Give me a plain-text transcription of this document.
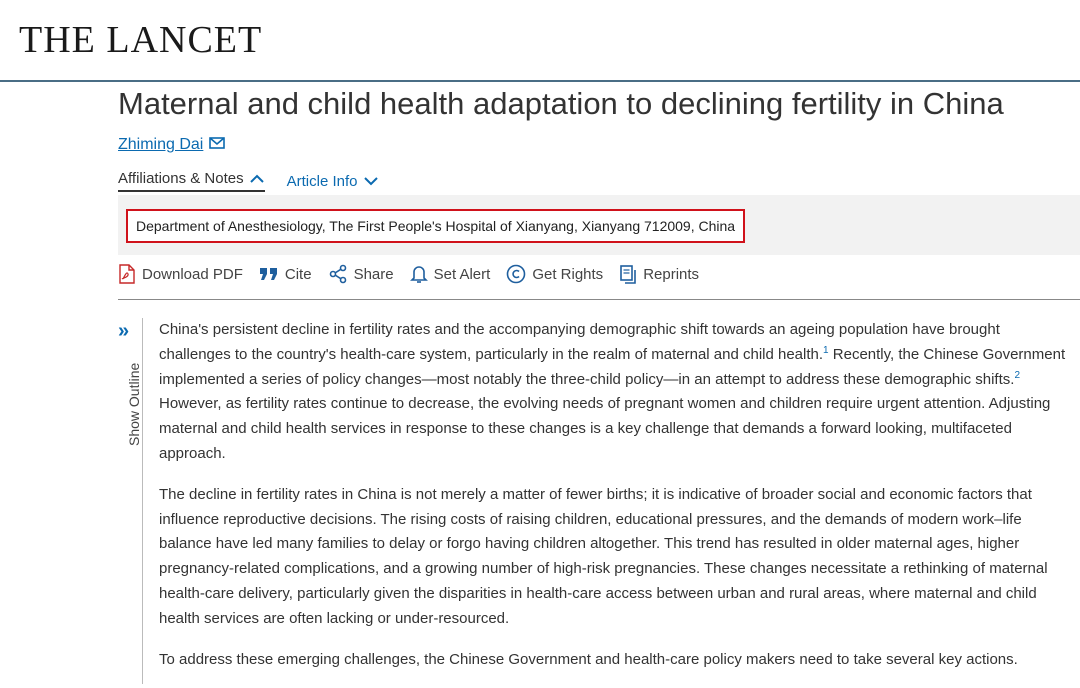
THE LANCET
Maternal and child health adaptation to declining fertility in China
Zhiming Dai
Affiliations & Notes	Article Info
Department of Anesthesiology, The First People's Hospital of Xianyang, Xianyang 712009, China
Download PDF	Cite	Share	Set Alert	Get Rights	Reprints
»
Show Outline

China's persistent decline in fertility rates and the accompanying demographic shift towards an ageing population have brought challenges to the country's health-care system, particularly in the realm of maternal and child health.$^1$ Recently, the Chinese Government implemented a series of policy changes—most notably the three-child policy—in an attempt to address these demographic shifts.$^2$ However, as fertility rates continue to decrease, the evolving needs of pregnant women and children require urgent attention. Adjusting maternal and child health services in response to these changes is a key challenge that demands a forward looking, multifaceted approach.

The decline in fertility rates in China is not merely a matter of fewer births; it is indicative of broader social and economic factors that influence reproductive decisions. The rising costs of raising children, educational pressures, and the demands of modern work–life balance have led many families to delay or forgo having children altogether. This trend has resulted in older maternal ages, higher pregnancy-related complications, and a growing number of high-risk pregnancies. These changes necessitate a rethinking of maternal health-care delivery, particularly given the disparities in health-care access between urban and rural areas, where maternal and child health services are often lacking or under-resourced.

To address these emerging challenges, the Chinese Government and health-care policy makers need to take several key actions.
